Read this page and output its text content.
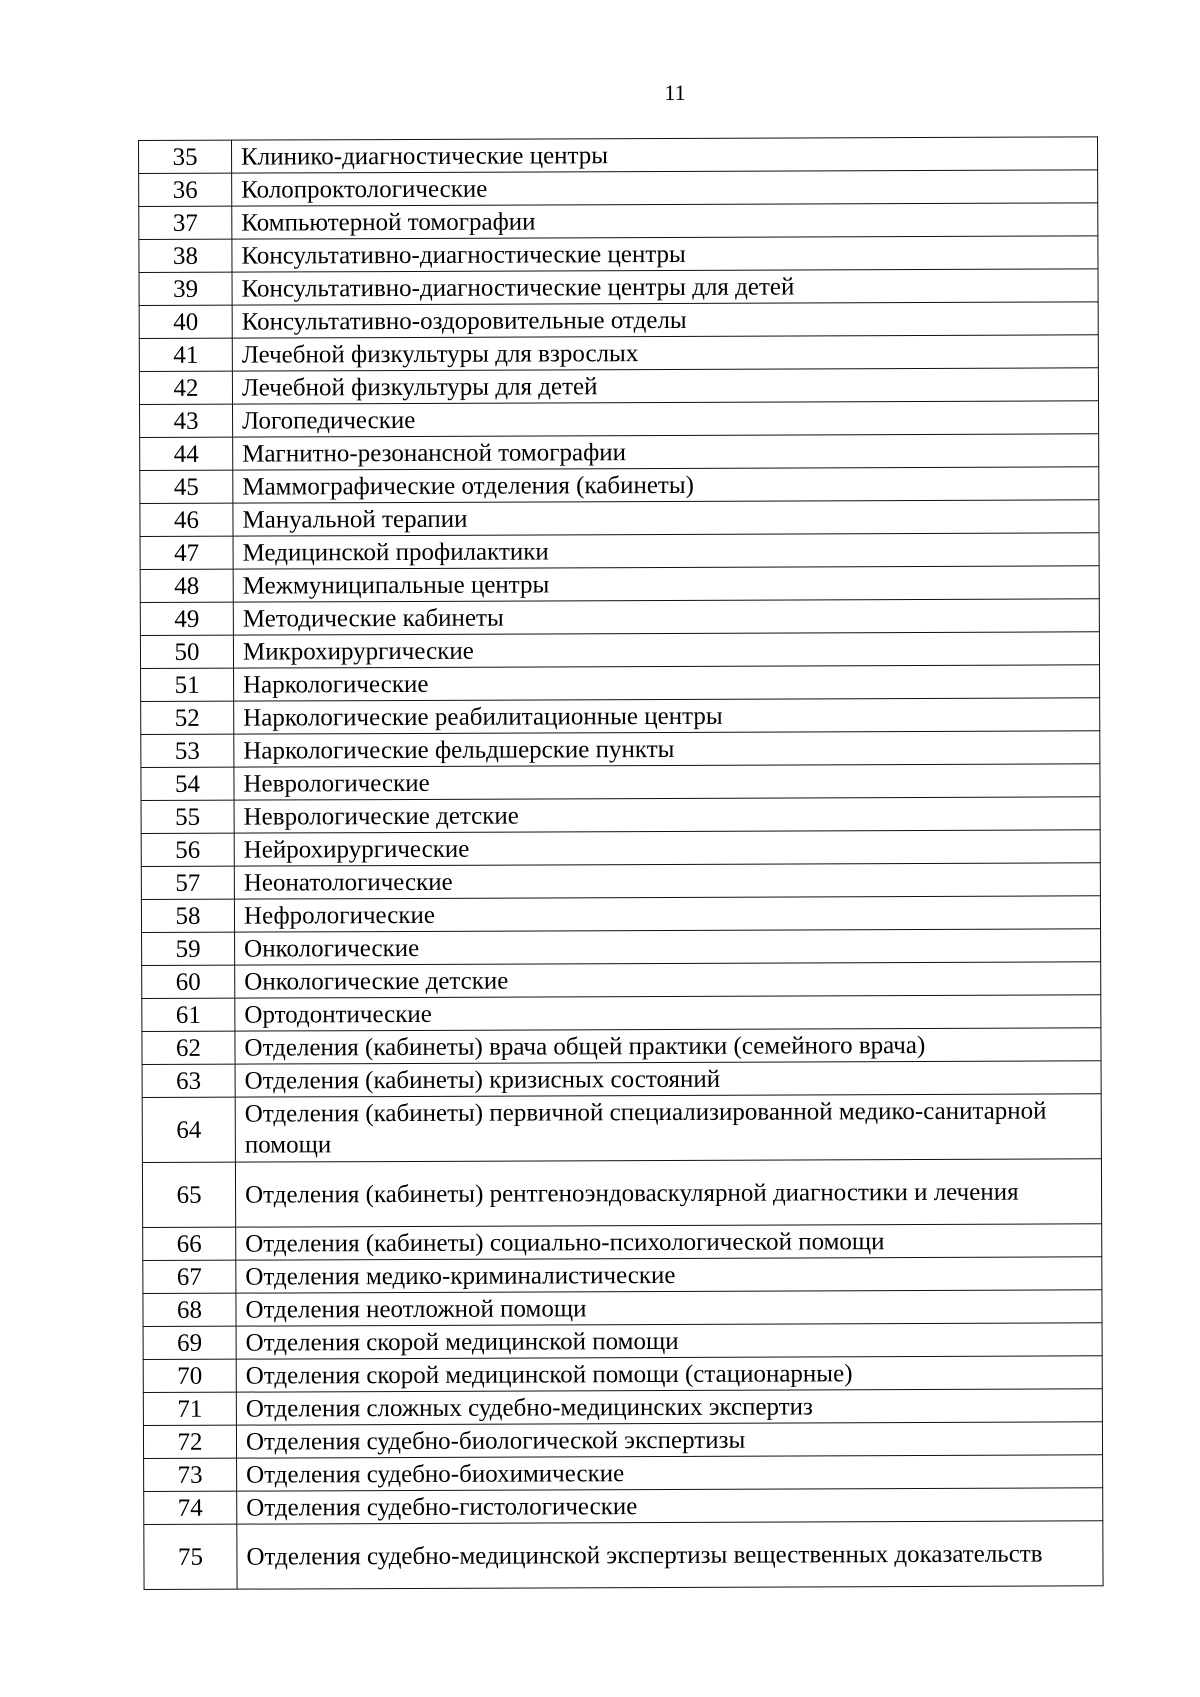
11
35	Клинико-диагностические центры
36	Колопроктологические
37	Компьютерной томографии
38	Консультативно-диагностические центры
39	Консультативно-диагностические центры для детей
40	Консультативно-оздоровительные отделы
41	Лечебной физкультуры для взрослых
42	Лечебной физкультуры для детей
43	Логопедические
44	Магнитно-резонансной томографии
45	Маммографические отделения (кабинеты)
46	Мануальной терапии
47	Медицинской профилактики
48	Межмуниципальные центры
49	Методические кабинеты
50	Микрохирургические
51	Наркологические
52	Наркологические реабилитационные центры
53	Наркологические фельдшерские пункты
54	Неврологические
55	Неврологические детские
56	Нейрохирургические
57	Неонатологические
58	Нефрологические
59	Онкологические
60	Онкологические детские
61	Ортодонтические
62	Отделения (кабинеты) врача общей практики (семейного врача)
63	Отделения (кабинеты) кризисных состояний
64	Отделения (кабинеты) первичной специализированной медико-санитарной помощи
65	Отделения (кабинеты) рентгеноэндоваскулярной диагностики и лечения
66	Отделения (кабинеты) социально-психологической помощи
67	Отделения медико-криминалистические
68	Отделения неотложной помощи
69	Отделения скорой медицинской помощи
70	Отделения скорой медицинской помощи (стационарные)
71	Отделения сложных судебно-медицинских экспертиз
72	Отделения судебно-биологической экспертизы
73	Отделения судебно-биохимические
74	Отделения судебно-гистологические
75	Отделения судебно-медицинской экспертизы вещественных доказательств
